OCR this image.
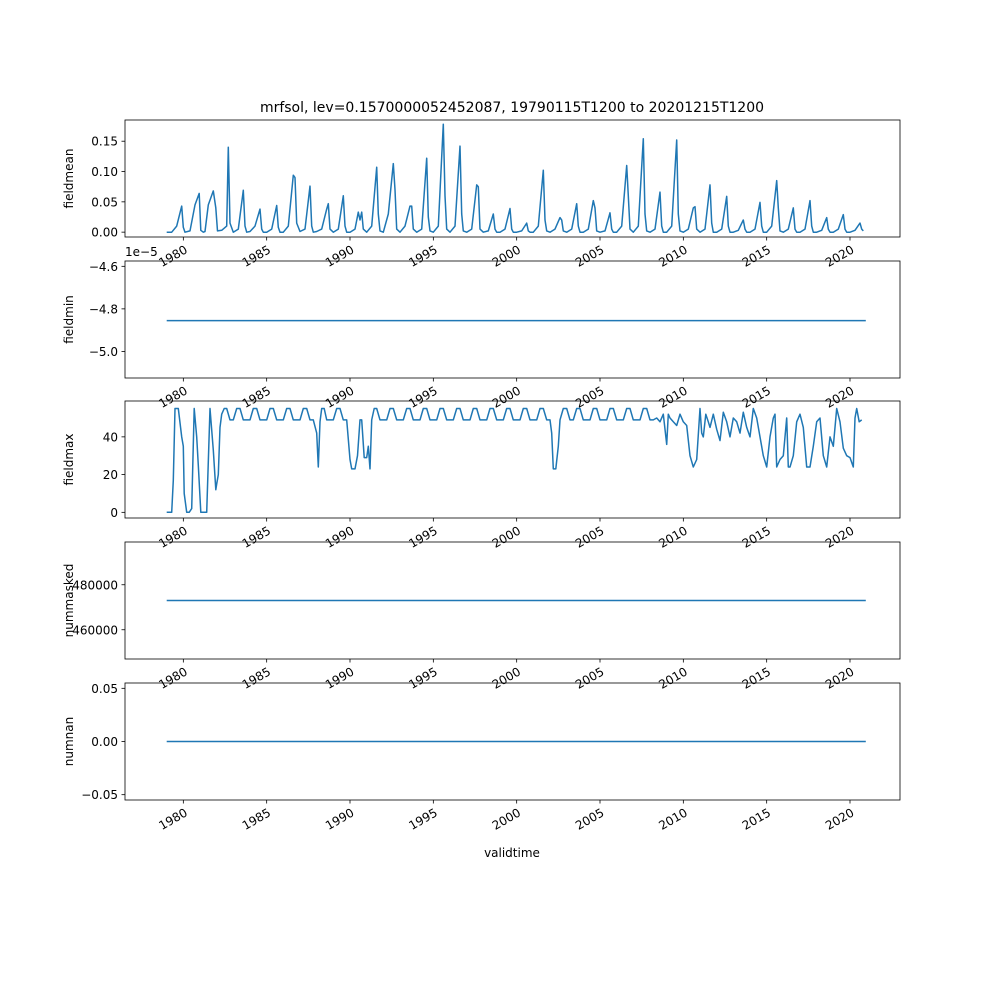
0.00
0.05
0.10
0.15
fieldmean
1980	1985	1990	1995	2000	2005	2010	2015	2020
−5.0
−4.8
−4.6
fieldmin
1e−5
1980	1985	1990	1995	2000	2005	2010	2015	2020
0
20
40
fieldmax
1980	1985	1990	1995	2000	2005	2010	2015	2020
460000
480000
nummasked
1980	1985	1990	1995	2000	2005	2010	2015	2020
−0.05
0.00
0.05
numnan
1980	1985	1990	1995	2000	2005	2010	2015	2020
mrfsol, lev=0.1570000052452087, 19790115T1200 to 20201215T1200
validtime
